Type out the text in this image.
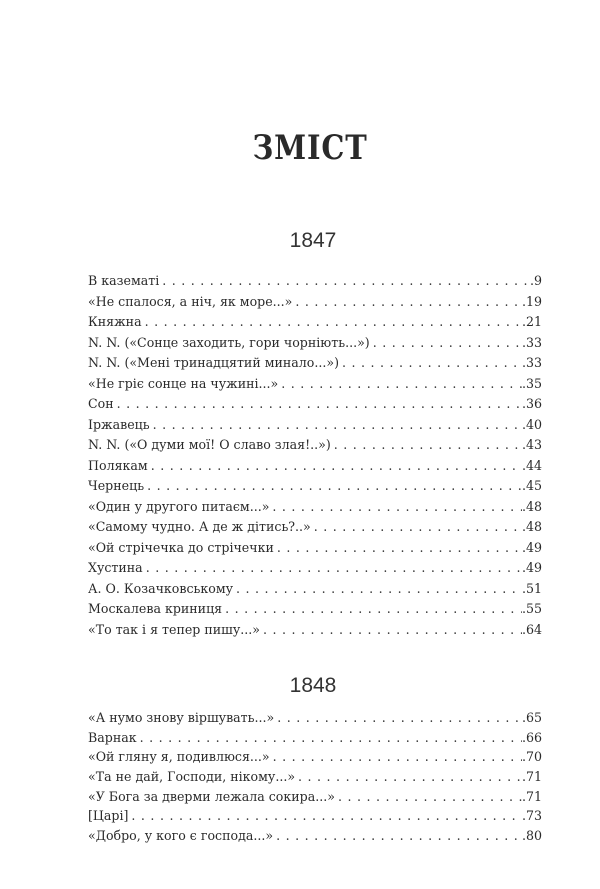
ЗМІСТ
1847
В казематі . . .	. 9
«Не спалося, а ніч, як море...» . . .	. 19
Княжна . . .	. 21
N. N. («Сонце заходить, гори чорніють...») . . .	. 33
N. N. («Мені тринадцятий минало...») . . .	. 33
«Не гріє сонце на чужині...» . . .	. 35
Сон . . .	. 36
Іржавець . . .	. 40
N. N. («О думи мої! О славо злая!..») . . .	. 43
Полякам . . .	. 44
Чернець . . .	. 45
«Один у другого питаєм...» . . .	. 48
«Самому чудно. А де ж дітись?..» . . .	. 48
«Ой стрічечка до стрічечки . . .	. 49
Хустина . . .	. 49
А. О. Козачковському . . .	. 51
Москалева криниця . . .	. 55
«То так і я тепер пишу...» . . .	. 64
1848
«А нумо знову віршувать...» . . .	. 65
Варнак . . .	. 66
«Ой гляну я, подивлюся...» . . .	. 70
«Та не дай, Господи, нікому...» . . .	. 71
«У Бога за дверми лежала сокира...» . . .	. 71
[Царі] . . .	. 73
«Добро, у кого є господа...» . . .	. 80
